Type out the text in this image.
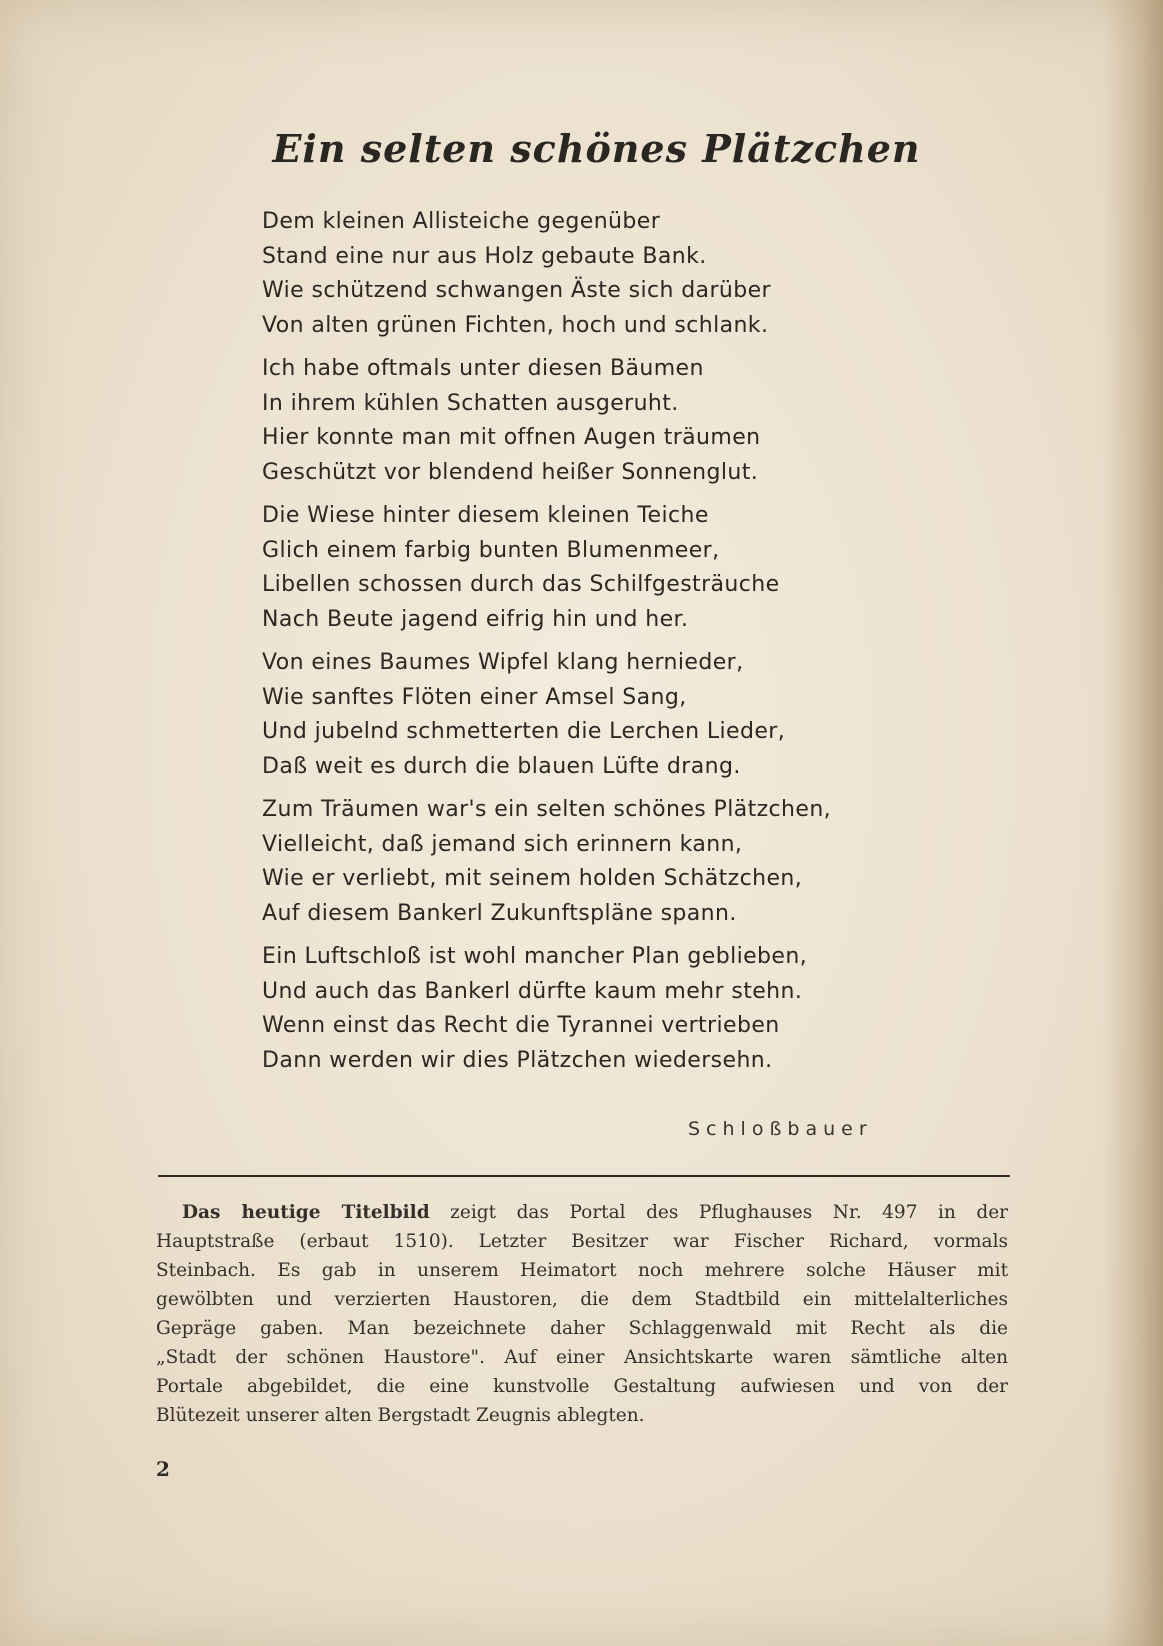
Ein selten schönes Plätzchen
Dem kleinen Allisteiche gegenüber
Stand eine nur aus Holz gebaute Bank.
Wie schützend schwangen Äste sich darüber
Von alten grünen Fichten, hoch und schlank.
Ich habe oftmals unter diesen Bäumen
In ihrem kühlen Schatten ausgeruht.
Hier konnte man mit offnen Augen träumen
Geschützt vor blendend heißer Sonnenglut.
Die Wiese hinter diesem kleinen Teiche
Glich einem farbig bunten Blumenmeer,
Libellen schossen durch das Schilfgesträuche
Nach Beute jagend eifrig hin und her.
Von eines Baumes Wipfel klang hernieder,
Wie sanftes Flöten einer Amsel Sang,
Und jubelnd schmetterten die Lerchen Lieder,
Daß weit es durch die blauen Lüfte drang.
Zum Träumen war's ein selten schönes Plätzchen,
Vielleicht, daß jemand sich erinnern kann,
Wie er verliebt, mit seinem holden Schätzchen,
Auf diesem Bankerl Zukunftspläne spann.
Ein Luftschloß ist wohl mancher Plan geblieben,
Und auch das Bankerl dürfte kaum mehr stehn.
Wenn einst das Recht die Tyrannei vertrieben
Dann werden wir dies Plätzchen wiedersehn.
Schloßbauer
Das heutige Titelbild zeigt das Portal des Pflughauses Nr. 497 in der
Hauptstraße (erbaut 1510). Letzter Besitzer war Fischer Richard, vormals
Steinbach. Es gab in unserem Heimatort noch mehrere solche Häuser mit
gewölbten und verzierten Haustoren, die dem Stadtbild ein mittelalterliches
Gepräge gaben. Man bezeichnete daher Schlaggenwald mit Recht als die
„Stadt der schönen Haustore". Auf einer Ansichtskarte waren sämtliche alten
Portale abgebildet, die eine kunstvolle Gestaltung aufwiesen und von der
Blütezeit unserer alten Bergstadt Zeugnis ablegten.
2
